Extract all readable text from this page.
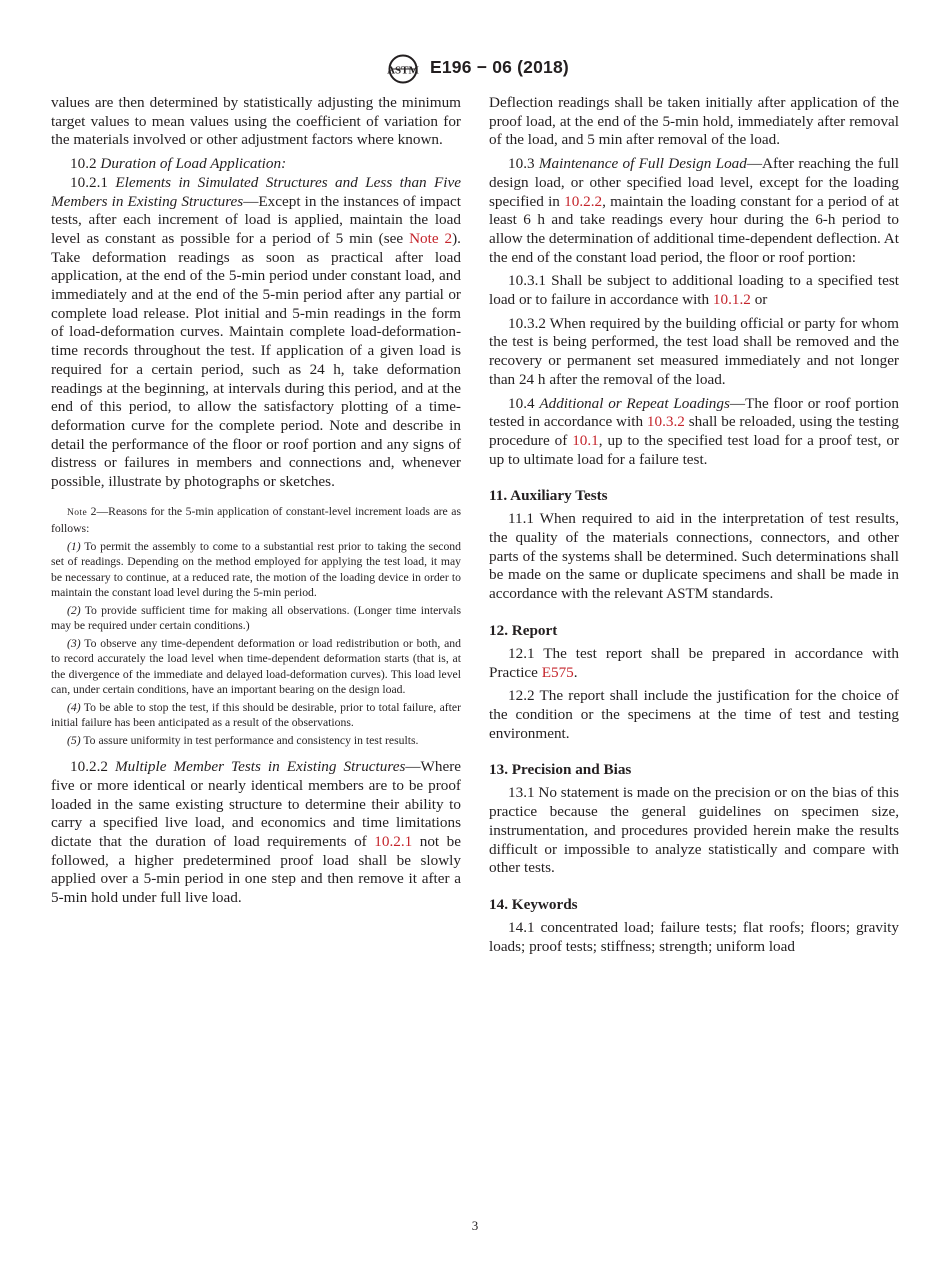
ASTM E196 − 06 (2018)

values are then determined by statistically adjusting the minimum target values to mean values using the coefficient of variation for the materials involved or other adjustment factors where known.

10.2 Duration of Load Application:

10.2.1 Elements in Simulated Structures and Less than Five Members in Existing Structures—Except in the instances of impact tests, after each increment of load is applied, maintain the load level as constant as possible for a period of 5 min (see Note 2). Take deformation readings as soon as practical after load application, at the end of the 5-min period under constant load, and immediately and at the end of the 5-min period after any partial or complete load release. Plot initial and 5-min readings in the form of load-deformation curves. Maintain complete load-deformation-time records throughout the test. If application of a given load is required for a certain period, such as 24 h, take deformation readings at the beginning, at intervals during this period, and at the end of this period, to allow the satisfactory plotting of a time-deformation curve for the complete period. Note and describe in detail the performance of the floor or roof portion and any signs of distress or failures in members and connections and, whenever possible, illustrate by photographs or sketches.

Note 2—Reasons for the 5-min application of constant-level increment loads are as follows:

(1) To permit the assembly to come to a substantial rest prior to taking the second set of readings. Depending on the method employed for applying the test load, it may be necessary to continue, at a reduced rate, the motion of the loading device in order to maintain the constant load level during the 5-min period.

(2) To provide sufficient time for making all observations. (Longer time intervals may be required under certain conditions.)

(3) To observe any time-dependent deformation or load redistribution or both, and to record accurately the load level when time-dependent deformation starts (that is, at the divergence of the immediate and delayed load-deformation curves). This load level can, under certain conditions, have an important bearing on the design load.

(4) To be able to stop the test, if this should be desirable, prior to total failure, after initial failure has been anticipated as a result of the observations.

(5) To assure uniformity in test performance and consistency in test results.

10.2.2 Multiple Member Tests in Existing Structures—Where five or more identical or nearly identical members are to be proof loaded in the same existing structure to determine their ability to carry a specified live load, and economics and time limitations dictate that the duration of load requirements of 10.2.1 not be followed, a higher predetermined proof load shall be slowly applied over a 5-min period in one step and then remove it after a 5-min hold under full live load.

Deflection readings shall be taken initially after application of the proof load, at the end of the 5-min hold, immediately after removal of the load, and 5 min after removal of the load.

10.3 Maintenance of Full Design Load—After reaching the full design load, or other specified load level, except for the loading specified in 10.2.2, maintain the loading constant for a period of at least 6 h and take readings every hour during the 6-h period to allow the determination of additional time-dependent deflection. At the end of the constant load period, the floor or roof portion:

10.3.1 Shall be subject to additional loading to a specified test load or to failure in accordance with 10.1.2 or

10.3.2 When required by the building official or party for whom the test is being performed, the test load shall be removed and the recovery or permanent set measured immediately and not longer than 24 h after the removal of the load.

10.4 Additional or Repeat Loadings—The floor or roof portion tested in accordance with 10.3.2 shall be reloaded, using the testing procedure of 10.1, up to the specified test load for a proof test, or up to ultimate load for a failure test.

11. Auxiliary Tests

11.1 When required to aid in the interpretation of test results, the quality of the materials connections, connectors, and other parts of the systems shall be determined. Such determinations shall be made on the same or duplicate specimens and shall be made in accordance with the relevant ASTM standards.

12. Report

12.1 The test report shall be prepared in accordance with Practice E575.

12.2 The report shall include the justification for the choice of the condition or the specimens at the time of test and testing environment.

13. Precision and Bias

13.1 No statement is made on the precision or on the bias of this practice because the general guidelines on specimen size, instrumentation, and procedures provided herein make the results difficult or impossible to analyze statistically and compare with other tests.

14. Keywords

14.1 concentrated load; failure tests; flat roofs; floors; gravity loads; proof tests; stiffness; strength; uniform load

3
